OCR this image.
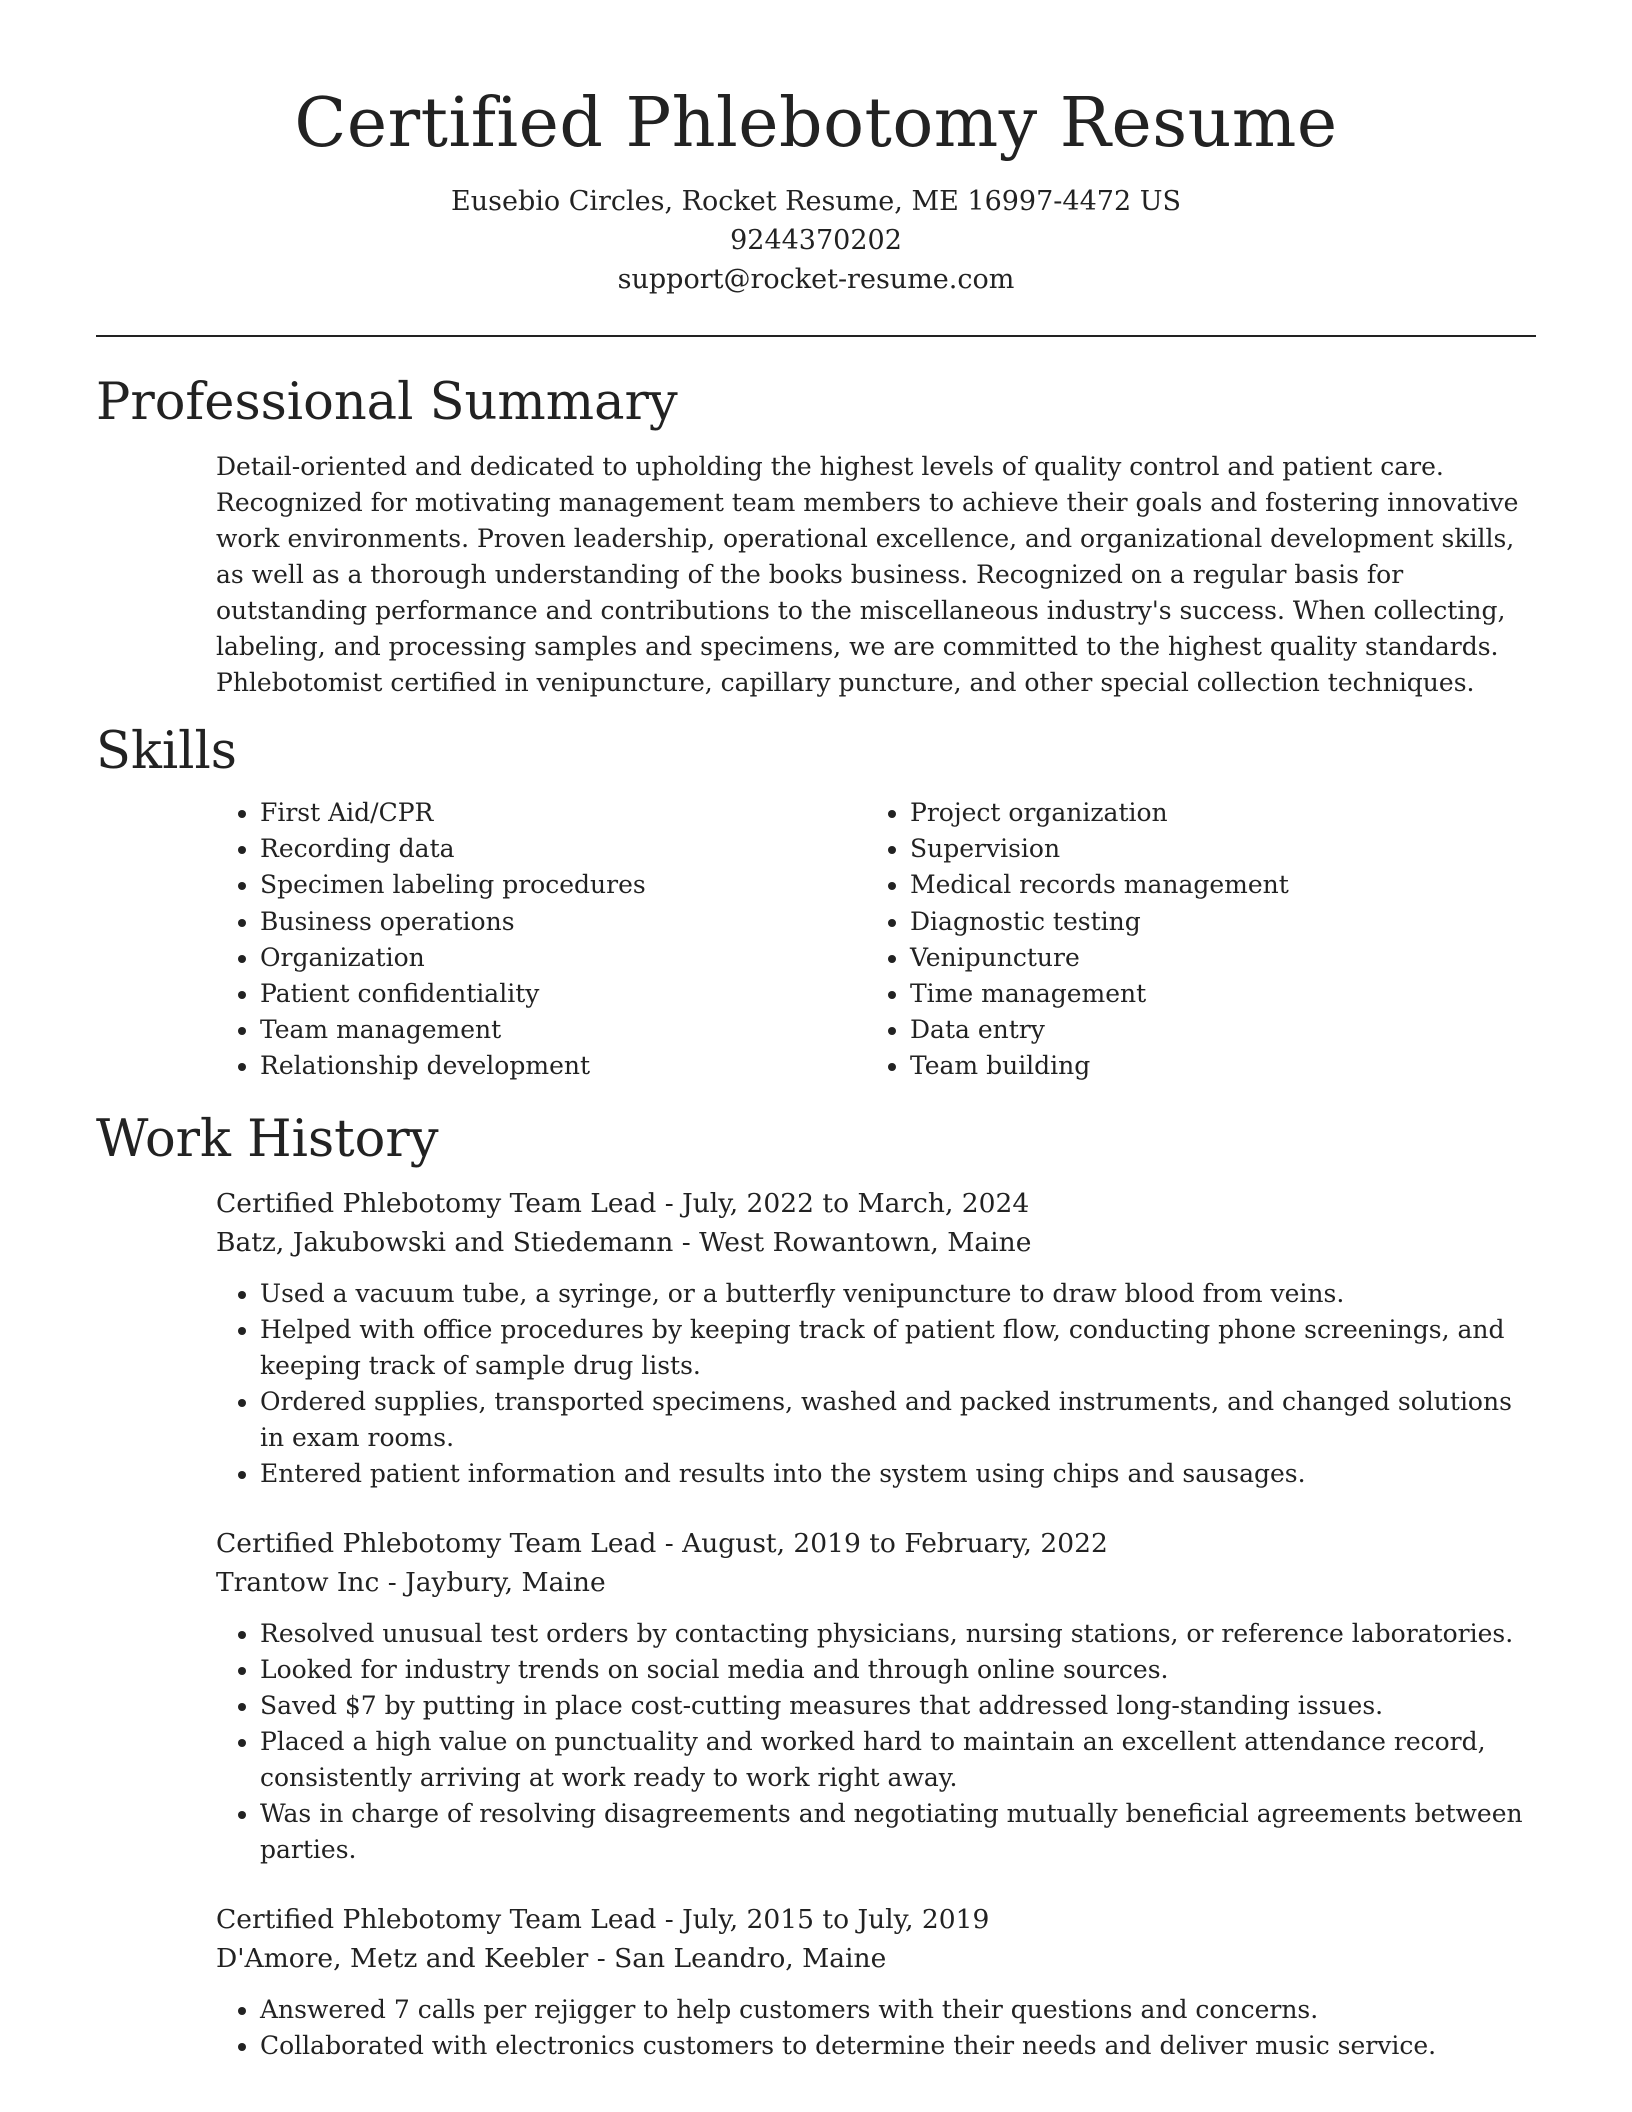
Certified Phlebotomy Resume
Eusebio Circles, Rocket Resume, ME 16997-4472 US
9244370202
support@rocket-resume.com
Professional Summary

Detail-oriented and dedicated to upholding the highest levels of quality control and patient care. Recognized for motivating management team members to achieve their goals and fostering innovative work environments. Proven leadership, operational excellence, and organizational development skills, as well as a thorough understanding of the books business. Recognized on a regular basis for outstanding performance and contributions to the miscellaneous industry's success. When collecting, labeling, and processing samples and specimens, we are committed to the highest quality standards. Phlebotomist certified in venipuncture, capillary puncture, and other special collection techniques.

Skills
• First Aid/CPR
• Recording data
• Specimen labeling procedures
• Business operations
• Organization
• Patient confidentiality
• Team management
• Relationship development
• Project organization
• Supervision
• Medical records management
• Diagnostic testing
• Venipuncture
• Time management
• Data entry
• Team building
Work History
Certified Phlebotomy Team Lead - July, 2022 to March, 2024
Batz, Jakubowski and Stiedemann - West Rowantown, Maine
• Used a vacuum tube, a syringe, or a butterfly venipuncture to draw blood from veins.
• Helped with office procedures by keeping track of patient flow, conducting phone screenings, and keeping track of sample drug lists.
• Ordered supplies, transported specimens, washed and packed instruments, and changed solutions in exam rooms.
• Entered patient information and results into the system using chips and sausages.
Certified Phlebotomy Team Lead - August, 2019 to February, 2022
Trantow Inc - Jaybury, Maine
• Resolved unusual test orders by contacting physicians, nursing stations, or reference laboratories.
• Looked for industry trends on social media and through online sources.
• Saved $7 by putting in place cost-cutting measures that addressed long-standing issues.
• Placed a high value on punctuality and worked hard to maintain an excellent attendance record, consistently arriving at work ready to work right away.
• Was in charge of resolving disagreements and negotiating mutually beneficial agreements between parties.
Certified Phlebotomy Team Lead - July, 2015 to July, 2019
D'Amore, Metz and Keebler - San Leandro, Maine
• Answered 7 calls per rejigger to help customers with their questions and concerns.
• Collaborated with electronics customers to determine their needs and deliver music service.
